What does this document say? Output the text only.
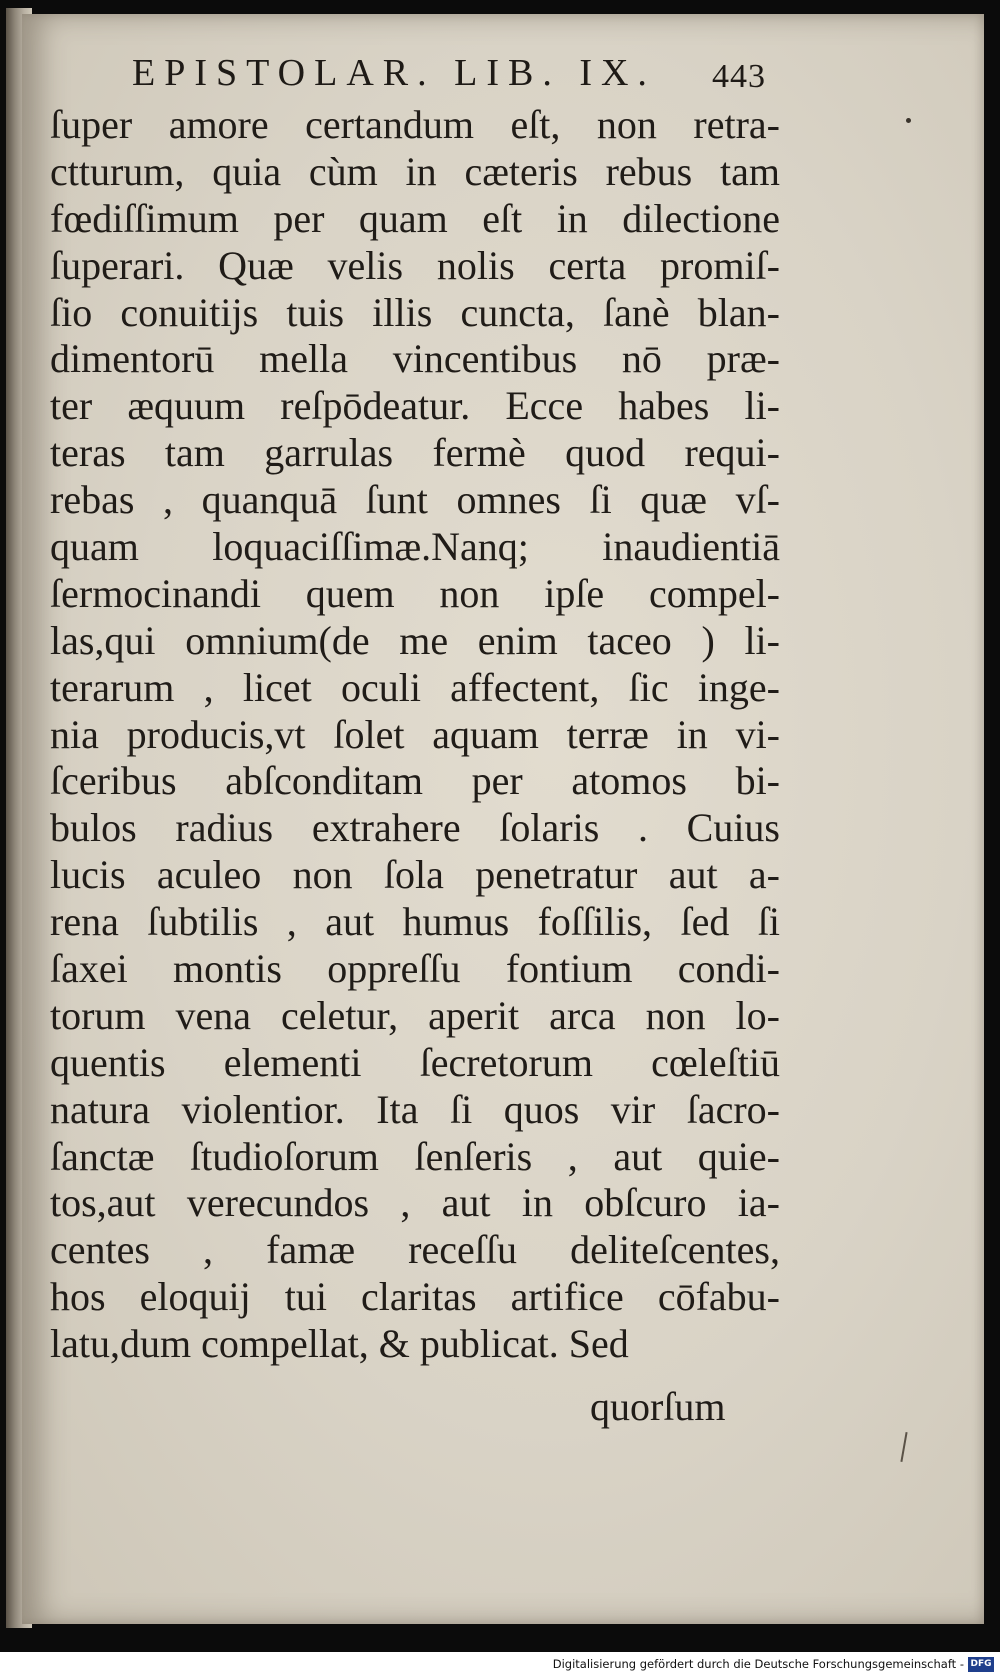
EPISTOLAR. LIB. IX. 443
ſuper amore certandum eſt, non retra-
ctturum, quia cùm in cæteris rebus tam
fœdiſſimum per quam eſt in dilectione
ſuperari. Quæ velis nolis certa promiſ-
ſio conuitijs tuis illis cuncta, ſanè blan-
dimentorū mella vincentibus nō præ-
ter æquum reſpōdeatur. Ecce habes li-
teras tam garrulas fermè quod requi-
rebas , quanquā ſunt omnes ſi quæ vſ-
quam loquaciſſimæ.Nanq; inaudientiā
ſermocinandi quem non ipſe compel-
las,qui omnium(de me enim taceo ) li-
terarum , licet oculi affectent, ſic inge-
nia producis,vt ſolet aquam terræ in vi-
ſceribus abſconditam per atomos bi-
bulos radius extrahere ſolaris . Cuius
lucis aculeo non ſola penetratur aut a-
rena ſubtilis , aut humus foſſilis, ſed ſi
ſaxei montis oppreſſu fontium condi-
torum vena celetur, aperit arca non lo-
quentis elementi ſecretorum cœleſtiū
natura violentior. Ita ſi quos vir ſacro-
ſanctæ ſtudioſorum ſenſeris , aut quie-
tos,aut verecundos , aut in obſcuro ia-
centes , famæ receſſu deliteſcentes,
hos eloquij tui claritas artifice cōfabu-
latu,dum compellat, & publicat. Sed
quorſum
Digitalisierung gefördert durch die Deutsche Forschungsgemeinschaft - DFG
